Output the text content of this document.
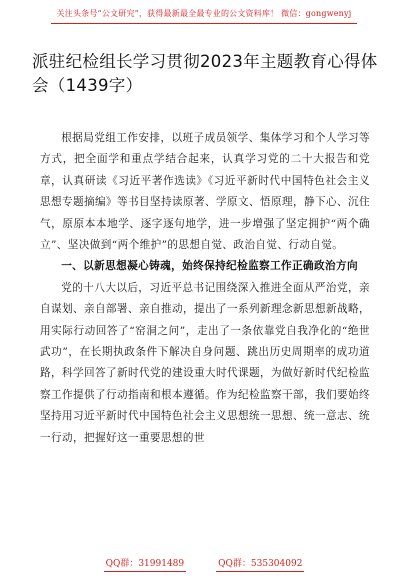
关注头条号“公文研究”，获得最新最全最专业的公文资料库！ 微信：gongwenyj
派驻纪检组长学习贯彻2023年主题教育心得体会（1439字）

根据局党组工作安排，以班子成员领学、集体学习和个人学习等方式，把全面学和重点学结合起来，认真学习党的二十大报告和党章，认真研读《习近平著作选读》《习近平新时代中国特色社会主义思想专题摘编》等书目坚持读原著、学原文、悟原理，静下心、沉住气，原原本本地学、逐字逐句地学，进一步增强了坚定拥护“两个确立”、坚决做到“两个维护”的思想自觉、政治自觉、行动自觉。

一、以新思想凝心铸魂，始终保持纪检监察工作正确政治方向

党的十八大以后，习近平总书记围绕深入推进全面从严治党，亲自谋划、亲自部署、亲自推动，提出了一系列新理念新思想新战略，用实际行动回答了“窑洞之问”，走出了一条依靠党自我净化的“绝世武功”，在长期执政条件下解决自身问题、跳出历史周期率的成功道路，科学回答了新时代党的建设重大时代课题，为做好新时代纪检监察工作提供了行动指南和根本遵循。作为纪检监察干部，我们要始终坚持用习近平新时代中国特色社会主义思想统一思想、统一意志、统一行动，把握好这一重要思想的世

QQ群：31991489	QQ群：535304092
